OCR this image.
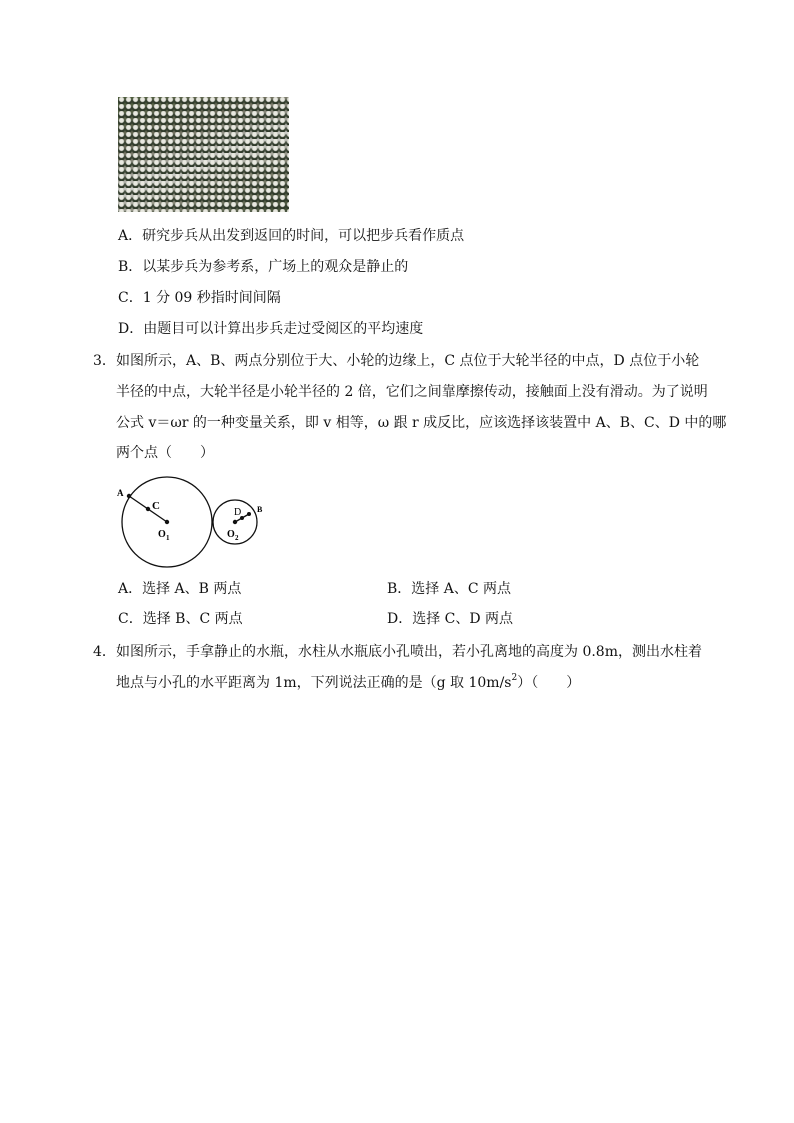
A．研究步兵从出发到返回的时间，可以把步兵看作质点
B．以某步兵为参考系，广场上的观众是静止的
C．1 分 09 秒指时间间隔
D．由题目可以计算出步兵走过受阅区的平均速度
3． 如图所示，A、B、两点分别位于大、小轮的边缘上，C 点位于大轮半径的中点，D 点位于小轮
半径的中点，大轮半径是小轮半径的 2 倍，它们之间靠摩擦传动，接触面上没有滑动。为了说明
公式 v＝ωr 的一种变量关系，即 v 相等，ω 跟 r 成反比，应该选择该装置中 A、B、C、D 中的哪
两个点（　　）
A
C
O 1	O 2
D B
A．选择 A、B 两点	B．选择 A、C 两点
C．选择 B、C 两点	D．选择 C、D 两点
4． 如图所示，手拿静止的水瓶，水柱从水瓶底小孔喷出，若小孔离地的高度为 0.8m，测出水柱着
地点与小孔的水平距离为 1m，下列说法正确的是（g 取 $10m/s^2$）（　　）
